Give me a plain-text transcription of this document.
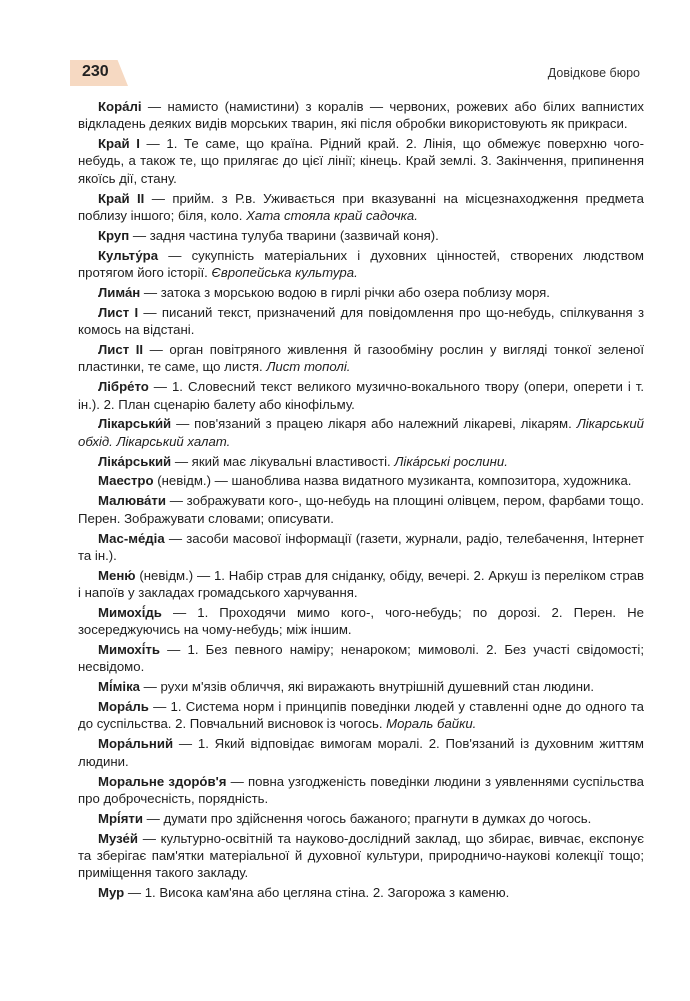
230	Довідкове бюро

Кора́лі — намисто (намистини) з коралів — червоних, рожевих або білих вапнистих відкладень деяких видів морських тварин, які після обробки використовують як прикраси.

Край І — 1. Те саме, що країна. Рідний край. 2. Лінія, що обмежує поверхню чого-небудь, а також те, що прилягає до цієї лінії; кінець. Край землі. 3. Закінчення, припинення якоїсь дії, стану.

Край ІІ — прийм. з Р.в. Уживається при вказуванні на місцезнаходження предмета поблизу іншого; біля, коло. Хата стояла край садочка.

Круп — задня частина тулуба тварини (зазвичай коня).

Культу́ра — сукупність матеріальних і духовних цінностей, створених людством протягом його історії. Європейська культура.

Лима́н — затока з морською водою в гирлі річки або озера поблизу моря.

Лист І — писаний текст, призначений для повідомлення про що-небудь, спілкування з комось на відстані.

Лист ІІ — орган повітряного живлення й газообміну рослин у вигляді тонкої зеленої пластинки, те саме, що листя. Лист тополі.

Лібре́то — 1. Словесний текст великого музично-вокального твору (опери, оперети і т. ін.). 2. План сценарію балету або кінофільму.

Лікарськи́й — пов'язаний з працею лікаря або належний лікареві, лікарям. Лікарський обхід. Лікарський халат.

Ліка́рський — який має лікувальні властивості. Ліка́рські рослини.

Маестро (невідм.) — шаноблива назва видатного музиканта, композитора, художника.

Малюва́ти — зображувати кого-, що-небудь на площині олівцем, пером, фарбами тощо. Перен. Зображувати словами; описувати.

Мас-ме́діа — засоби масової інформації (газети, журнали, радіо, телебачення, Інтернет та ін.).

Меню́ (невідм.) — 1. Набір страв для сніданку, обіду, вечері. 2. Аркуш із переліком страв і напоїв у закладах громадського харчування.

Мимохі́дь — 1. Проходячи мимо кого-, чого-небудь; по дорозі. 2. Перен. Не зосереджуючись на чому-небудь; між іншим.

Мимохі́ть — 1. Без певного наміру; ненароком; мимоволі. 2. Без участі свідомості; несвідомо.

Мі́міка — рухи м'язів обличчя, які виражають внутрішній душевний стан людини.

Мора́ль — 1. Система норм і принципів поведінки людей у ставленні одне до одного та до суспільства. 2. Повчальний висновок із чогось. Мораль байки.

Мора́льний — 1. Який відповідає вимогам моралі. 2. Пов'язаний із духовним життям людини.

Моральне здоро́в'я — повна узгодженість поведінки людини з уявленнями суспільства про доброчесність, порядність.

Мрі́яти — думати про здійснення чогось бажаного; прагнути в думках до чогось.

Музе́й — культурно-освітній та науково-дослідний заклад, що збирає, вивчає, експонує та зберігає пам'ятки матеріальної й духовної культури, природничо-наукові колекції тощо; приміщення такого закладу.

Мур — 1. Висока кам'яна або цегляна стіна. 2. Загорожа з каменю.
